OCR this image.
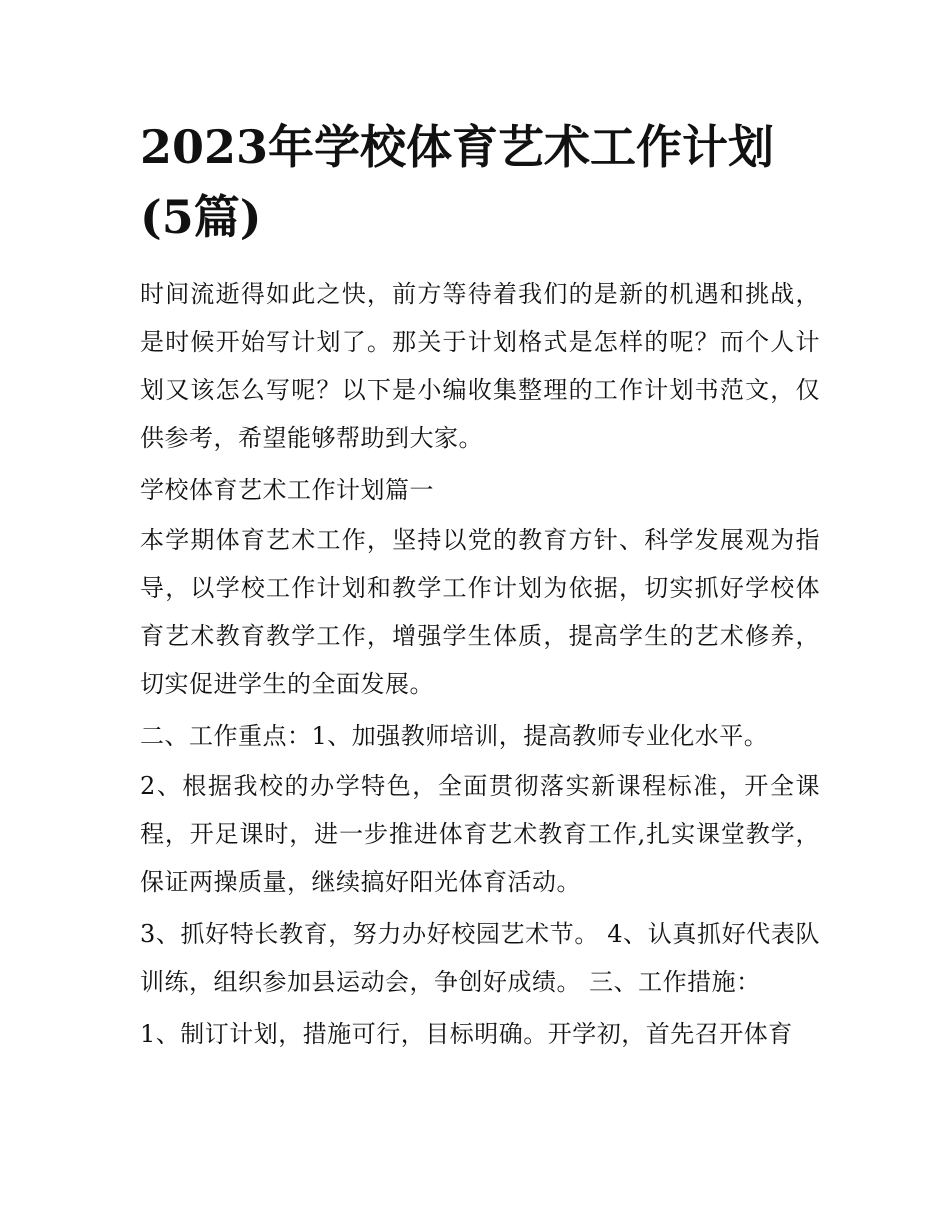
2023年学校体育艺术工作计划
(5篇)

时间流逝得如此之快，前方等待着我们的是新的机遇和挑战，是时候开始写计划了。那关于计划格式是怎样的呢？而个人计划又该怎么写呢？以下是小编收集整理的工作计划书范文，仅供参考，希望能够帮助到大家。

学校体育艺术工作计划篇一

本学期体育艺术工作，坚持以党的教育方针、科学发展观为指导，以学校工作计划和教学工作计划为依据，切实抓好学校体育艺术教育教学工作，增强学生体质，提高学生的艺术修养，切实促进学生的全面发展。

二、工作重点：1、加强教师培训，提高教师专业化水平。

2、根据我校的办学特色，全面贯彻落实新课程标准，开全课程，开足课时，进一步推进体育艺术教育工作,扎实课堂教学，保证两操质量，继续搞好阳光体育活动。

3、抓好特长教育，努力办好校园艺术节。 4、认真抓好代表队训练，组织参加县运动会，争创好成绩。 三、工作措施：

1、制订计划，措施可行，目标明确。开学初，首先召开体育
